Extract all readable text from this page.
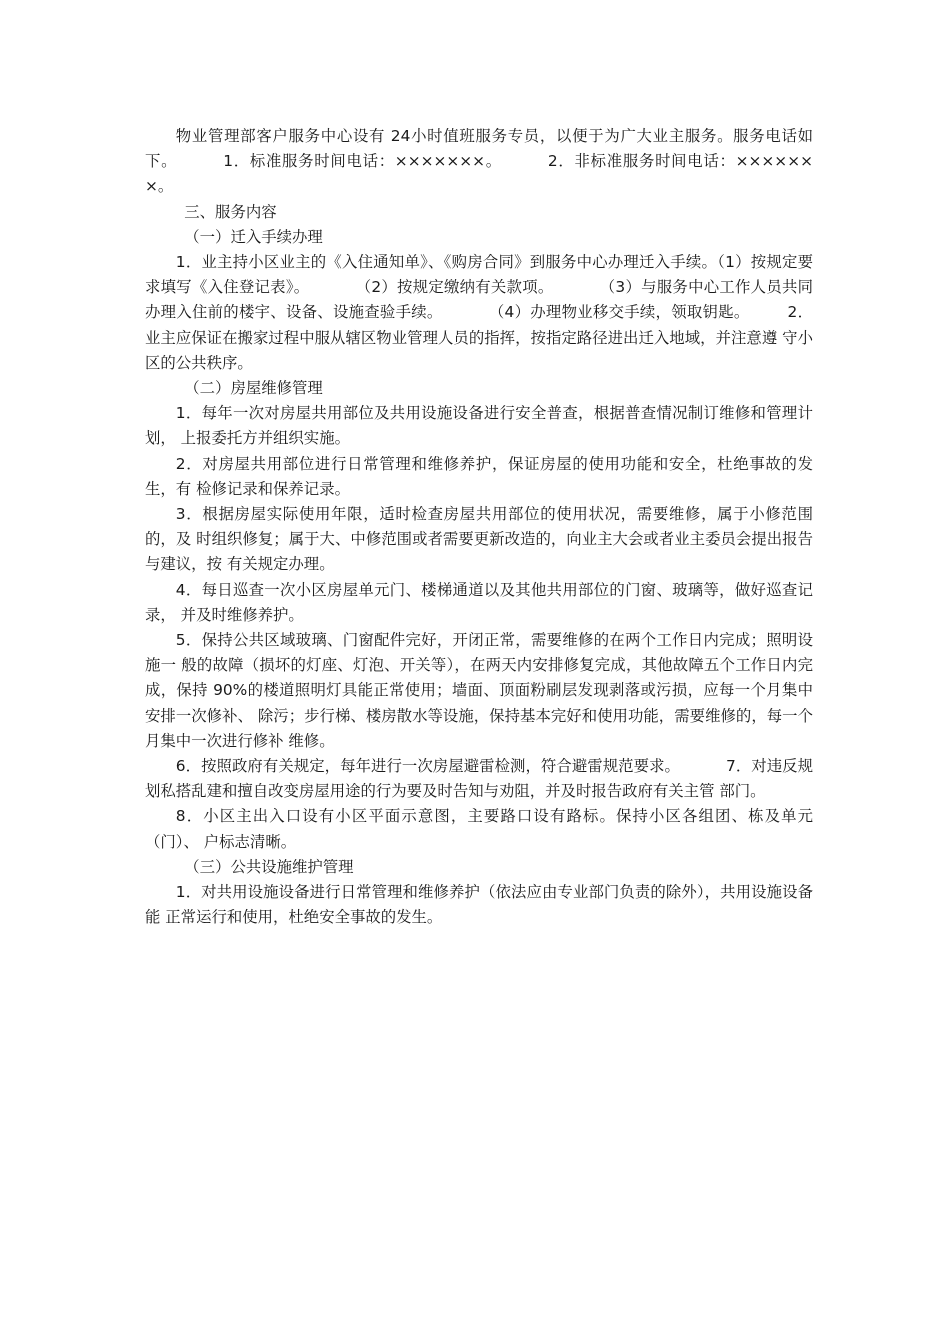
物业管理部客户服务中心设有 24小时值班服务专员，以便于为广大业主服务。服务电话如下。	1．标准服务时间电话：×××××××。	2．非标准服务时间电话：×××××××。

三、服务内容

（一）迁入手续办理

1．业主持小区业主的《入住通知单》、《购房合同》到服务中心办理迁入手续。（1）按规定要求填写《入住登记表》。	（2）按规定缴纳有关款项。	（3）与服务中心工作人员共同办理入住前的楼宇、设备、设施查验手续。	（4）办理物业移交手续，领取钥匙。 2．业主应保证在搬家过程中服从辖区物业管理人员的指挥，按指定路径进出迁入地域，并注意遵 守小区的公共秩序。

（二）房屋维修管理

1．每年一次对房屋共用部位及共用设施设备进行安全普查，根据普查情况制订维修和管理计划， 上报委托方并组织实施。

2．对房屋共用部位进行日常管理和维修养护，保证房屋的使用功能和安全，杜绝事故的发生，有 检修记录和保养记录。

3．根据房屋实际使用年限，适时检查房屋共用部位的使用状况，需要维修，属于小修范围的，及 时组织修复；属于大、中修范围或者需要更新改造的，向业主大会或者业主委员会提出报告与建议，按 有关规定办理。

4．每日巡查一次小区房屋单元门、楼梯通道以及其他共用部位的门窗、玻璃等，做好巡查记录， 并及时维修养护。

5．保持公共区域玻璃、门窗配件完好，开闭正常，需要维修的在两个工作日内完成；照明设施一 般的故障（损坏的灯座、灯泡、开关等），在两天内安排修复完成，其他故障五个工作日内完成，保持 90%的楼道照明灯具能正常使用；墙面、顶面粉刷层发现剥落或污损，应每一个月集中安排一次修补、 除污；步行梯、楼房散水等设施，保持基本完好和使用功能，需要维修的，每一个月集中一次进行修补 维修。

6．按照政府有关规定，每年进行一次房屋避雷检测，符合避雷规范要求。	7．对违反规划私搭乱建和擅自改变房屋用途的行为要及时告知与劝阻，并及时报告政府有关主管 部门。

8．小区主出入口设有小区平面示意图，主要路口设有路标。保持小区各组团、栋及单元（门）、 户标志清晰。

（三）公共设施维护管理

1．对共用设施设备进行日常管理和维修养护（依法应由专业部门负责的除外），共用设施设备能 正常运行和使用，杜绝安全事故的发生。
